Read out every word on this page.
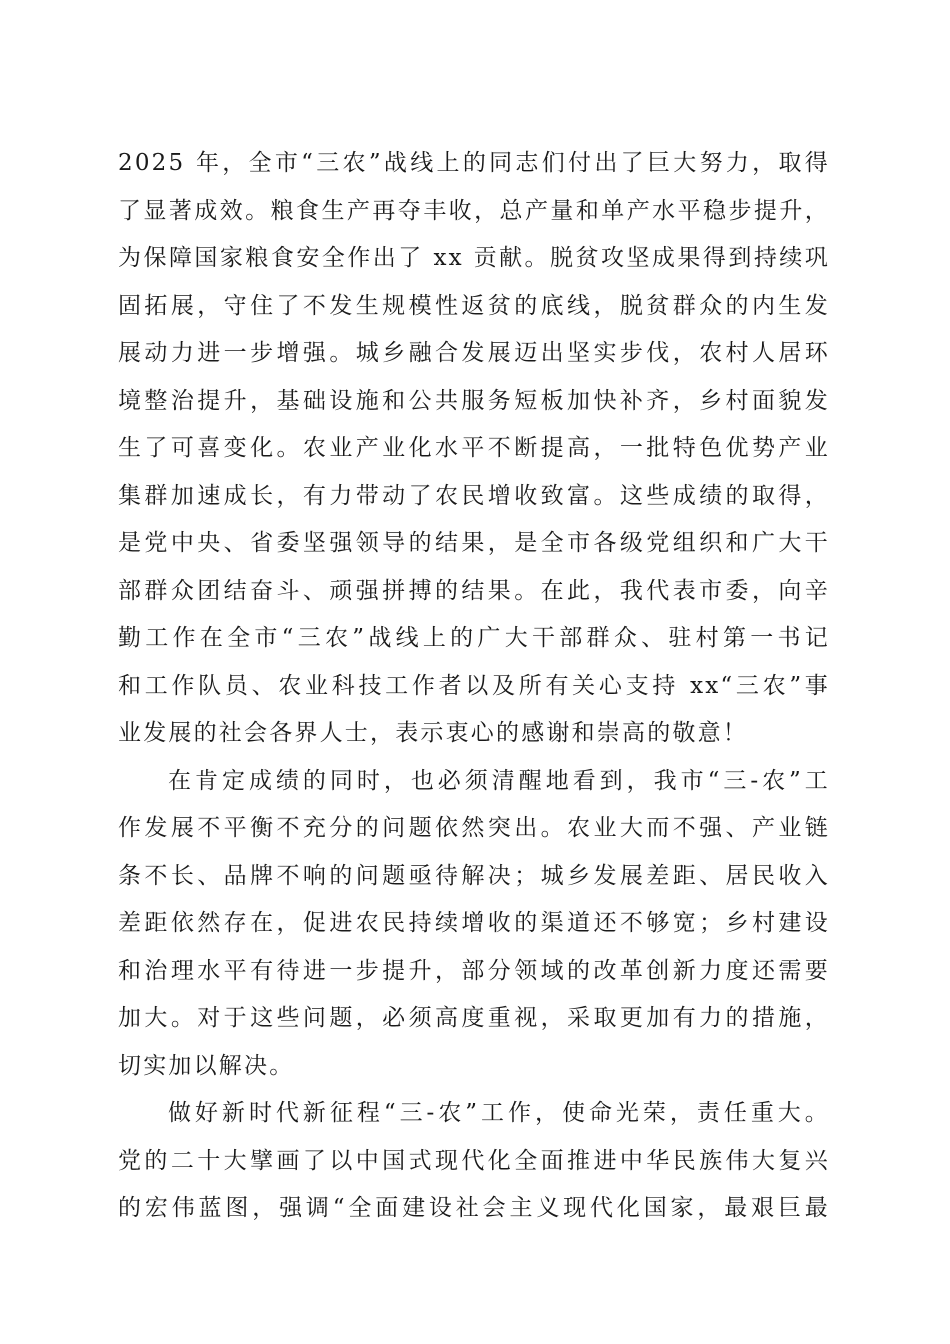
2025 年，全市“三农”战线上的同志们付出了巨大努力，取得
了显著成效。粮食生产再夺丰收，总产量和单产水平稳步提升，
为保障国家粮食安全作出了 xx 贡献。脱贫攻坚成果得到持续巩
固拓展，守住了不发生规模性返贫的底线，脱贫群众的内生发
展动力进一步增强。城乡融合发展迈出坚实步伐，农村人居环
境整治提升，基础设施和公共服务短板加快补齐，乡村面貌发
生了可喜变化。农业产业化水平不断提高，一批特色优势产业
集群加速成长，有力带动了农民增收致富。这些成绩的取得，
是党中央、省委坚强领导的结果，是全市各级党组织和广大干
部群众团结奋斗、顽强拼搏的结果。在此，我代表市委，向辛
勤工作在全市“三农”战线上的广大干部群众、驻村第一书记
和工作队员、农业科技工作者以及所有关心支持 xx“三农”事
业发展的社会各界人士，表示衷心的感谢和崇高的敬意！
在肯定成绩的同时，也必须清醒地看到，我市“三-农”工
作发展不平衡不充分的问题依然突出。农业大而不强、产业链
条不长、品牌不响的问题亟待解决；城乡发展差距、居民收入
差距依然存在，促进农民持续增收的渠道还不够宽；乡村建设
和治理水平有待进一步提升，部分领域的改革创新力度还需要
加大。对于这些问题，必须高度重视，采取更加有力的措施，
切实加以解决。
做好新时代新征程“三-农”工作，使命光荣，责任重大。
党的二十大擘画了以中国式现代化全面推进中华民族伟大复兴
的宏伟蓝图，强调“全面建设社会主义现代化国家，最艰巨最
